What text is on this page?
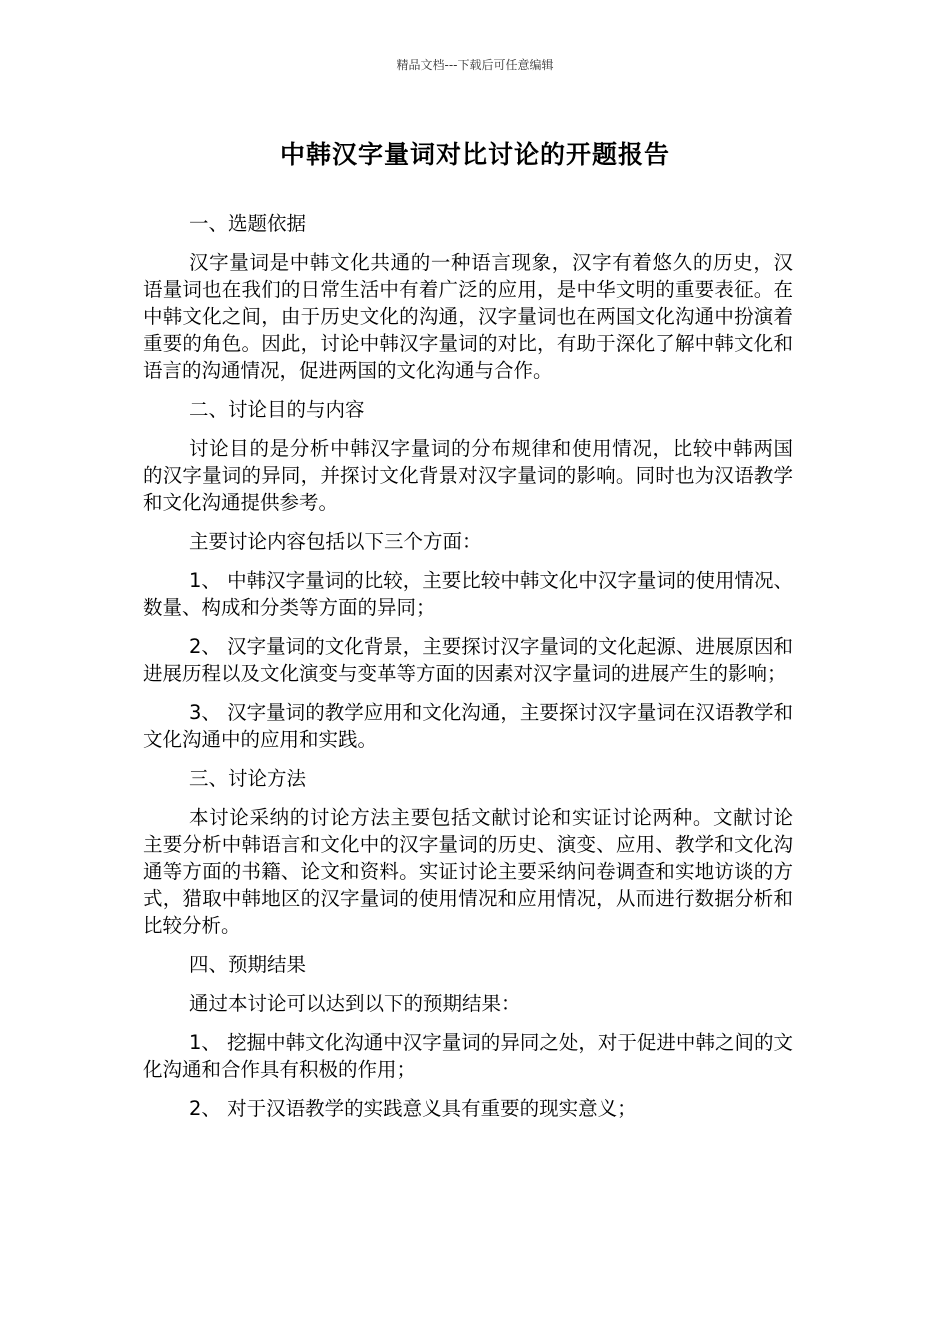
精品文档---下载后可任意编辑
中韩汉字量词对比讨论的开题报告

一、选题依据

汉字量词是中韩文化共通的一种语言现象，汉字有着悠久的历史，汉语量词也在我们的日常生活中有着广泛的应用，是中华文明的重要表征。在中韩文化之间，由于历史文化的沟通，汉字量词也在两国文化沟通中扮演着重要的角色。因此，讨论中韩汉字量词的对比，有助于深化了解中韩文化和语言的沟通情况，促进两国的文化沟通与合作。

二、讨论目的与内容

讨论目的是分析中韩汉字量词的分布规律和使用情况，比较中韩两国的汉字量词的异同，并探讨文化背景对汉字量词的影响。同时也为汉语教学和文化沟通提供参考。

主要讨论内容包括以下三个方面：

1、 中韩汉字量词的比较，主要比较中韩文化中汉字量词的使用情况、数量、构成和分类等方面的异同；

2、 汉字量词的文化背景，主要探讨汉字量词的文化起源、进展原因和进展历程以及文化演变与变革等方面的因素对汉字量词的进展产生的影响；

3、 汉字量词的教学应用和文化沟通，主要探讨汉字量词在汉语教学和文化沟通中的应用和实践。

三、讨论方法

本讨论采纳的讨论方法主要包括文献讨论和实证讨论两种。文献讨论主要分析中韩语言和文化中的汉字量词的历史、演变、应用、教学和文化沟通等方面的书籍、论文和资料。实证讨论主要采纳问卷调查和实地访谈的方式，猎取中韩地区的汉字量词的使用情况和应用情况，从而进行数据分析和比较分析。

四、预期结果

通过本讨论可以达到以下的预期结果：

1、 挖掘中韩文化沟通中汉字量词的异同之处，对于促进中韩之间的文化沟通和合作具有积极的作用；

2、 对于汉语教学的实践意义具有重要的现实意义；
